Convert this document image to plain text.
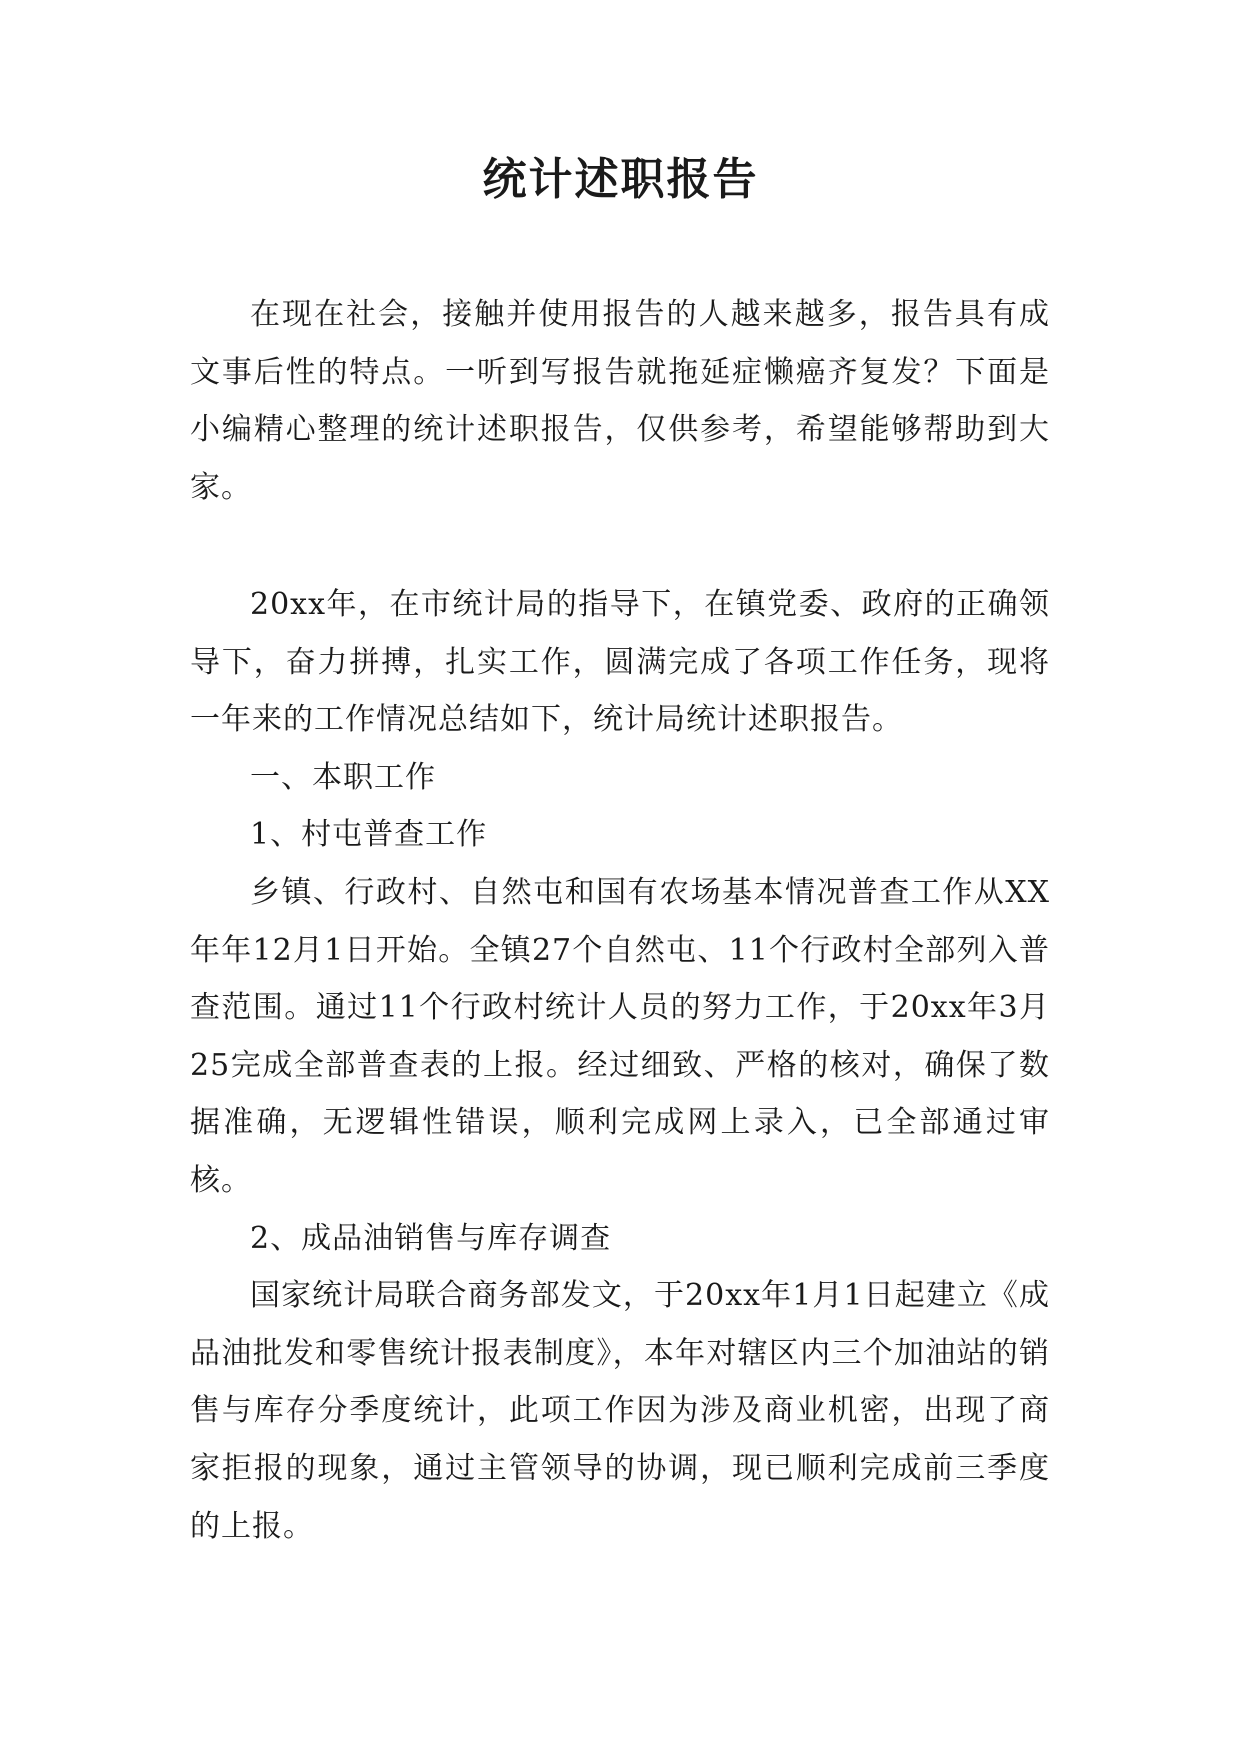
统计述职报告

在现在社会，接触并使用报告的人越来越多，报告具有成文事后性的特点。一听到写报告就拖延症懒癌齐复发？下面是小编精心整理的统计述职报告，仅供参考，希望能够帮助到大家。

20xx年，在市统计局的指导下，在镇党委、政府的正确领导下，奋力拼搏，扎实工作，圆满完成了各项工作任务，现将一年来的工作情况总结如下，统计局统计述职报告。

一、本职工作

1、村屯普查工作

乡镇、行政村、自然屯和国有农场基本情况普查工作从XX年年12月1日开始。全镇27个自然屯、11个行政村全部列入普查范围。通过11个行政村统计人员的努力工作，于20xx年3月25完成全部普查表的上报。经过细致、严格的核对，确保了数据准确，无逻辑性错误，顺利完成网上录入，已全部通过审核。

2、成品油销售与库存调查

国家统计局联合商务部发文，于20xx年1月1日起建立《成品油批发和零售统计报表制度》，本年对辖区内三个加油站的销售与库存分季度统计，此项工作因为涉及商业机密，出现了商家拒报的现象，通过主管领导的协调，现已顺利完成前三季度的上报。
